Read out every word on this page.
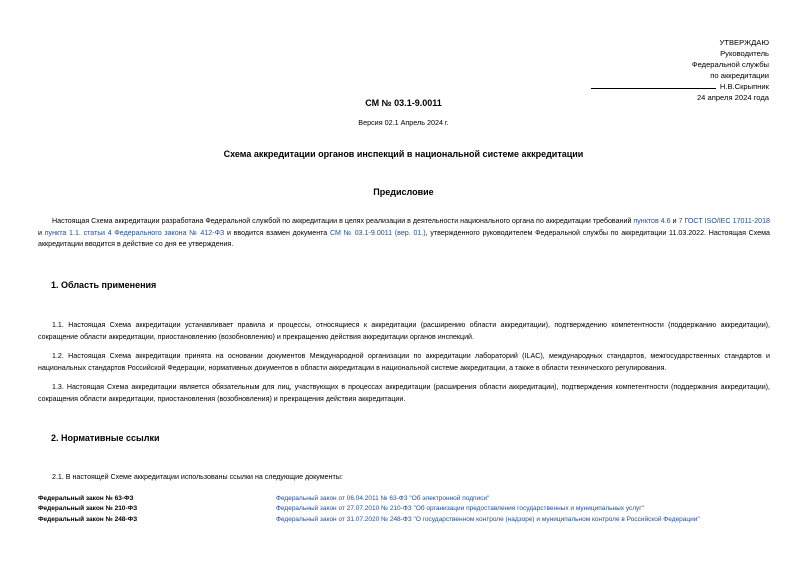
УТВЕРЖДАЮ
Руководитель
Федеральной службы
по аккредитации
Н.В.Скрыпник
24 апреля 2024 года
СМ № 03.1-9.0011
Версия 02.1 Апрель 2024 г.
Схема аккредитации органов инспекций в национальной системе аккредитации
Предисловие
Настоящая Схема аккредитации разработана Федеральной службой по аккредитации в целях реализации в деятельности национального органа по аккредитации требований пунктов 4.6 и 7 ГОСТ ISO/IEC 17011-2018 и пункта 1.1. статьи 4 Федерального закона № 412-ФЗ и вводится взамен документа СМ № 03.1-9.0011 (вер. 01.), утвержденного руководителем Федеральной службы по аккредитации 11.03.2022. Настоящая Схема аккредитации вводится в действие со дня ее утверждения.
1. Область применения
1.1. Настоящая Схема аккредитации устанавливает правила и процессы, относящиеся к аккредитации (расширению области аккредитации), подтверждению компетентности (поддержанию аккредитации), сокращение области аккредитации, приостановлению (возобновлению) и прекращению действия аккредитации органов инспекций.
1.2. Настоящая Схема аккредитации принята на основании документов Международной организации по аккредитации лабораторий (ILAC), международных стандартов, межгосударственных стандартов и национальных стандартов Российской Федерации, нормативных документов в области аккредитации в национальной системе аккредитации, а также в области технического регулирования.
1.3. Настоящая Схема аккредитации является обязательным для лиц, участвующих в процессах аккредитации (расширения области аккредитации), подтверждения компетентности (поддержания аккредитации), сокращения области аккредитации, приостановления (возобновления) и прекращения действия аккредитации.
2. Нормативные ссылки
2.1. В настоящей Схеме аккредитации использованы ссылки на следующие документы:
Федеральный закон № 63-ФЗ	Федеральный закон от 06.04.2011 № 63-ФЗ "Об электронной подписи"
Федеральный закон № 210-ФЗ	Федеральный закон от 27.07.2010 № 210-ФЗ "Об организации предоставления государственных и муниципальных услуг"
Федеральный закон № 248-ФЗ	Федеральный закон от 31.07.2020 № 248-ФЗ "О государственном контроле (надзоре) и муниципальном контроле в Российской Федерации"
